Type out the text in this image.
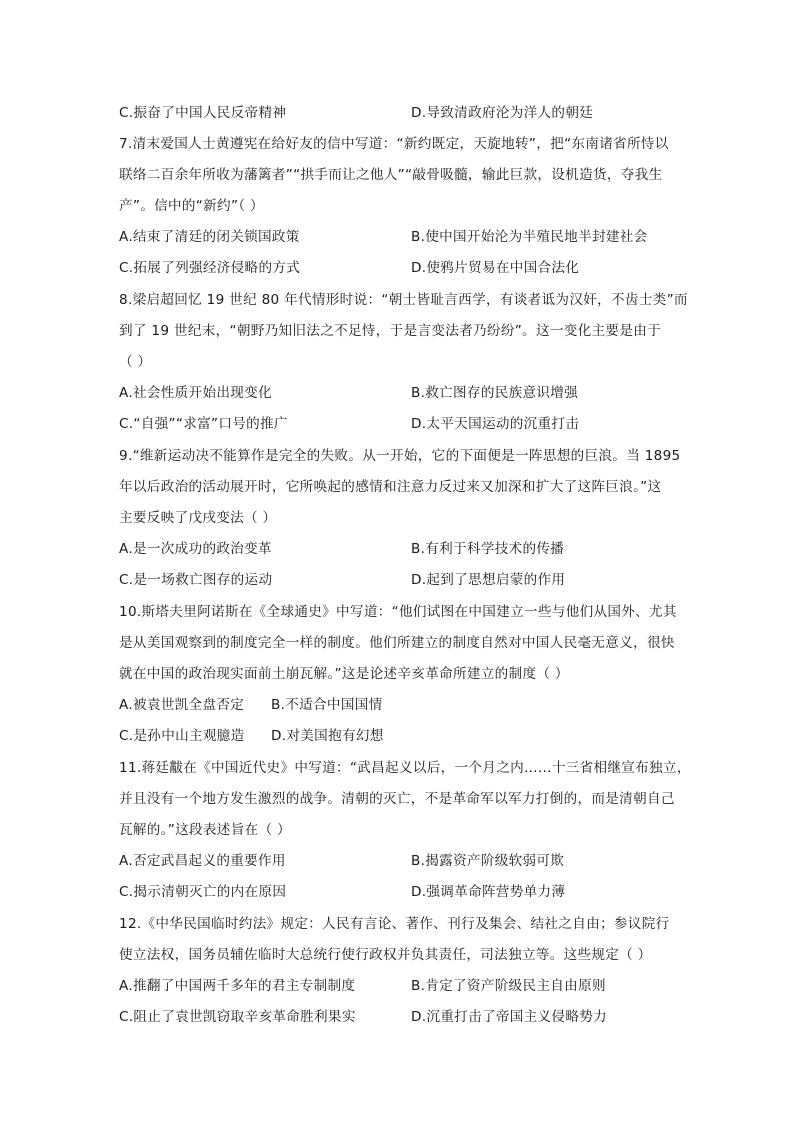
C.振奋了中国人民反帝精神	D.导致清政府沦为洋人的朝廷
7.清末爱国人士黄遵宪在给好友的信中写道：“新约既定，天旋地转”，把“东南诸省所恃以
联络二百余年所收为藩篱者”“拱手而让之他人”“敲骨吸髓，输此巨款，设机造货，夺我生
产”。信中的“新约”（ ）
A.结束了清廷的闭关锁国政策	B.使中国开始沦为半殖民地半封建社会
C.拓展了列强经济侵略的方式	D.使鸦片贸易在中国合法化
8.梁启超回忆 19 世纪 80 年代情形时说：“朝士皆耻言西学，有谈者诋为汉奸，不齿士类”而
到了 19 世纪末，“朝野乃知旧法之不足恃，于是言变法者乃纷纷”。这一变化主要是由于
（ ）
A.社会性质开始出现变化	B.救亡图存的民族意识增强
C.“自强”“求富”口号的推广	D.太平天国运动的沉重打击
9.“维新运动决不能算作是完全的失败。从一开始，它的下面便是一阵思想的巨浪。当 1895
年以后政治的活动展开时，它所唤起的感情和注意力反过来又加深和扩大了这阵巨浪。”这
主要反映了戊戌变法（ ）
A.是一次成功的政治变革	B.有利于科学技术的传播
C.是一场救亡图存的运动	D.起到了思想启蒙的作用
10.斯塔夫里阿诺斯在《全球通史》中写道：“他们试图在中国建立一些与他们从国外、尤其
是从美国观察到的制度完全一样的制度。他们所建立的制度自然对中国人民毫无意义，很快
就在中国的政治现实面前土崩瓦解。”这是论述辛亥革命所建立的制度（ ）
A.被袁世凯全盘否定 B.不适合中国国情
C.是孙中山主观臆造 D.对美国抱有幻想
11.蒋廷黻在《中国近代史》中写道：“武昌起义以后，一个月之内……十三省相继宣布独立，
并且没有一个地方发生激烈的战争。清朝的灭亡，不是革命军以军力打倒的，而是清朝自己
瓦解的。”这段表述旨在（ ）
A.否定武昌起义的重要作用	B.揭露资产阶级软弱可欺
C.揭示清朝灭亡的内在原因	D.强调革命阵营势单力薄
12.《中华民国临时约法》规定：人民有言论、著作、刊行及集会、结社之自由；参议院行
使立法权，国务员辅佐临时大总统行使行政权并负其责任，司法独立等。这些规定（ ）
A.推翻了中国两千多年的君主专制制度	B.肯定了资产阶级民主自由原则
C.阻止了袁世凯窃取辛亥革命胜利果实	D.沉重打击了帝国主义侵略势力
